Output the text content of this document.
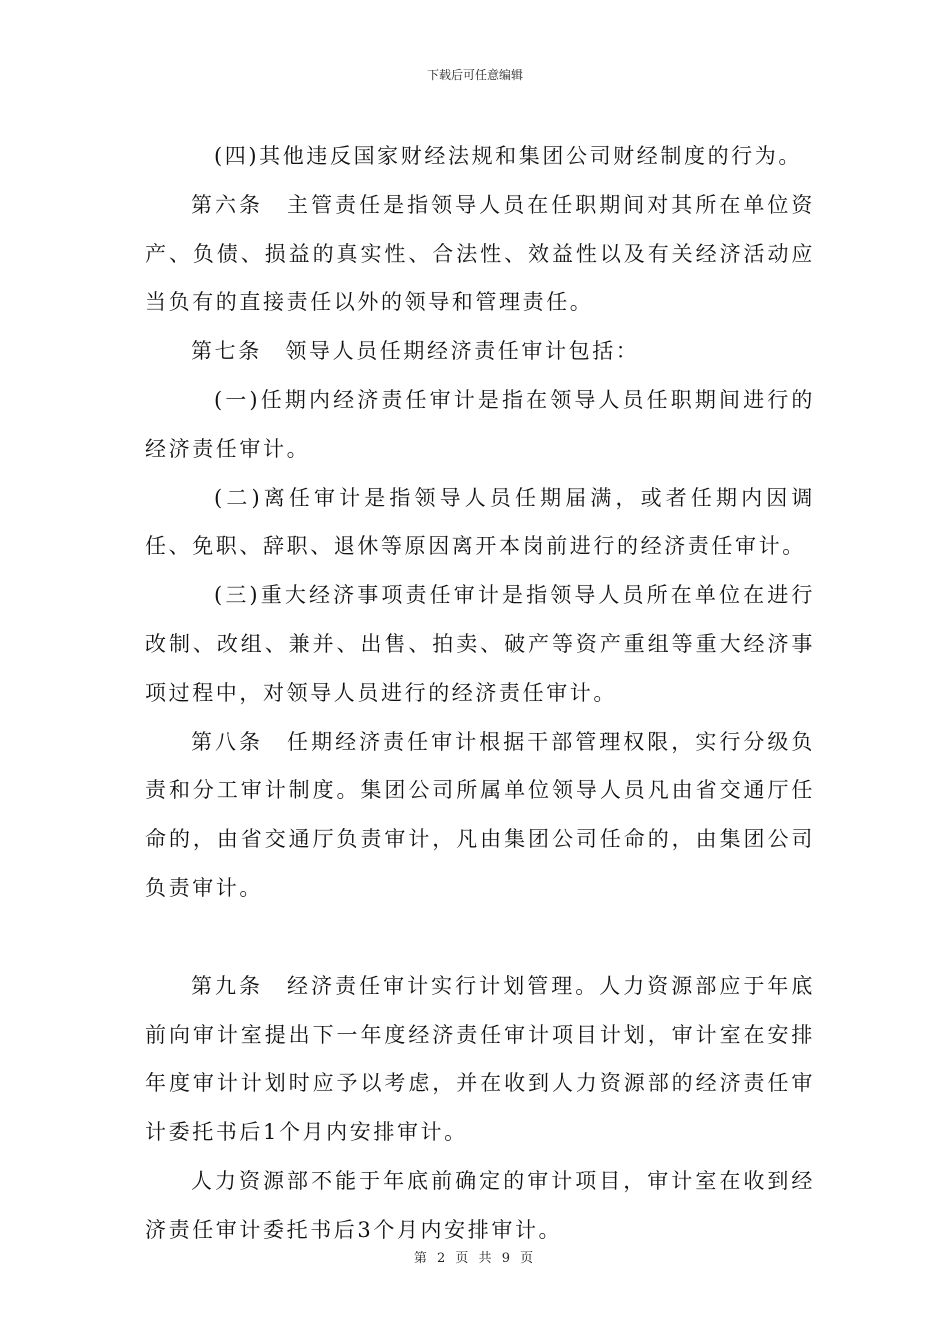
下载后可任意编辑

(四)其他违反国家财经法规和集团公司财经制度的行为。

第六条　主管责任是指领导人员在任职期间对其所在单位资产、负债、损益的真实性、合法性、效益性以及有关经济活动应当负有的直接责任以外的领导和管理责任。

第七条　领导人员任期经济责任审计包括：

(一)任期内经济责任审计是指在领导人员任职期间进行的经济责任审计。

(二)离任审计是指领导人员任期届满，或者任期内因调任、免职、辞职、退休等原因离开本岗前进行的经济责任审计。

(三)重大经济事项责任审计是指领导人员所在单位在进行改制、改组、兼并、出售、拍卖、破产等资产重组等重大经济事项过程中，对领导人员进行的经济责任审计。

第八条　任期经济责任审计根据干部管理权限，实行分级负责和分工审计制度。集团公司所属单位领导人员凡由省交通厅任命的，由省交通厅负责审计，凡由集团公司任命的，由集团公司负责审计。

第九条　经济责任审计实行计划管理。人力资源部应于年底前向审计室提出下一年度经济责任审计项目计划，审计室在安排年度审计计划时应予以考虑，并在收到人力资源部的经济责任审计委托书后1个月内安排审计。

人力资源部不能于年底前确定的审计项目，审计室在收到经济责任审计委托书后3个月内安排审计。

第 2 页 共 9 页
